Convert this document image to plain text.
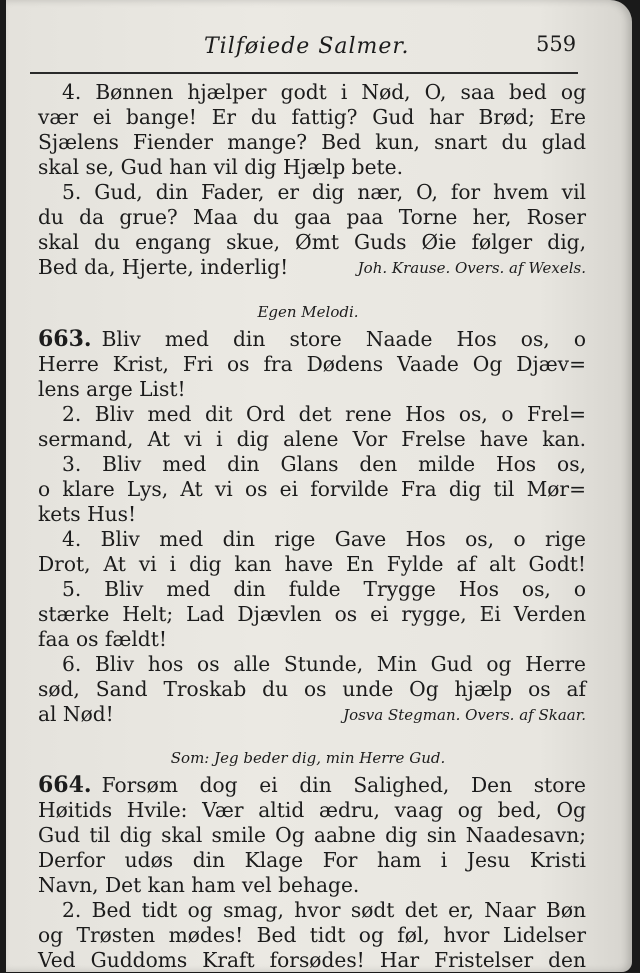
Tilføiede Salmer.	559
4. Bønnen hjælper godt i Nød, O, saa bed og
vær ei bange! Er du fattig? Gud har Brød; Ere
Sjælens Fiender mange? Bed kun, snart du glad
skal se, Gud han vil dig Hjælp bete.
5. Gud, din Fader, er dig nær, O, for hvem vil
du da grue? Maa du gaa paa Torne her, Roser
skal du engang skue, Ømt Guds Øie følger dig,
Bed da, Hjerte, inderlig!	Joh. Krause. Overs. af Wexels.
Egen Melodi.
663. Bliv med din store Naade Hos os, o
Herre Krist, Fri os fra Dødens Vaade Og Djæv=
lens arge List!
2. Bliv med dit Ord det rene Hos os, o Frel=
sermand, At vi i dig alene Vor Frelse have kan.
3. Bliv med din Glans den milde Hos os,
o klare Lys, At vi os ei forvilde Fra dig til Mør=
kets Hus!
4. Bliv med din rige Gave Hos os, o rige
Drot, At vi i dig kan have En Fylde af alt Godt!
5. Bliv med din fulde Trygge Hos os, o
stærke Helt; Lad Djævlen os ei rygge, Ei Verden
faa os fældt!
6. Bliv hos os alle Stunde, Min Gud og Herre
sød, Sand Troskab du os unde Og hjælp os af
al Nød!	Josva Stegman. Overs. af Skaar.
Som: Jeg beder dig, min Herre Gud.
664. Forsøm dog ei din Salighed, Den store
Høitids Hvile: Vær altid ædru, vaag og bed, Og
Gud til dig skal smile Og aabne dig sin Naadesavn;
Derfor udøs din Klage For ham i Jesu Kristi
Navn, Det kan ham vel behage.
2. Bed tidt og smag, hvor sødt det er, Naar Bøn
og Trøsten mødes! Bed tidt og føl, hvor Lidelser
Ved Guddoms Kraft forsødes! Har Fristelser den
